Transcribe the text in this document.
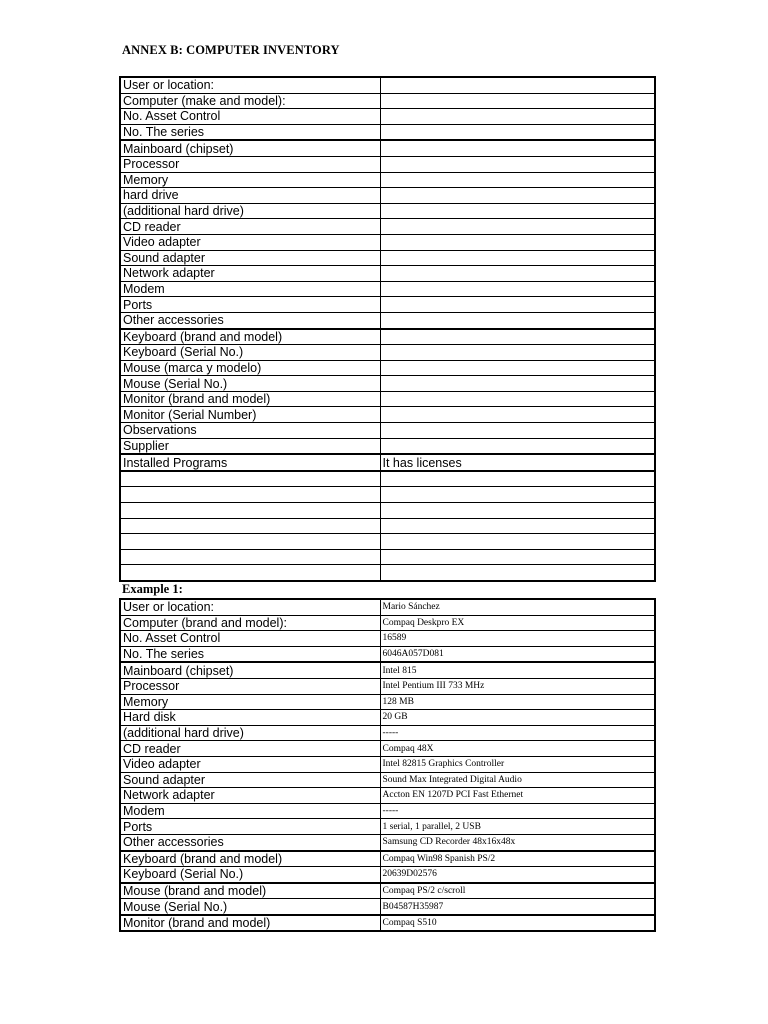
ANNEX B: COMPUTER INVENTORY
User or location:	
Computer (make and model):	
No. Asset Control	
No. The series	
Mainboard (chipset)	
Processor	
Memory	
hard drive	
(additional hard drive)	
CD reader	
Video adapter	
Sound adapter	
Network adapter	
Modem	
Ports	
Other accessories	
Keyboard (brand and model)	
Keyboard (Serial No.)	
Mouse (marca y modelo)	
Mouse (Serial No.)	
Monitor (brand and model)	
Monitor (Serial Number)	
Observations	
Supplier	
Installed Programs	It has licenses

Example 1:
User or location:	Mario Sánchez
Computer (brand and model):	Compaq Deskpro EX
No. Asset Control	16589
No. The series	6046A057D081
Mainboard (chipset)	Intel 815
Processor	Intel Pentium III 733 MHz
Memory	128 MB
Hard disk	20 GB
(additional hard drive)	-----
CD reader	Compaq 48X
Video adapter	Intel 82815 Graphics Controller
Sound adapter	Sound Max Integrated Digital Audio
Network adapter	Accton EN 1207D PCI Fast Ethernet
Modem	-----
Ports	1 serial, 1 parallel, 2 USB
Other accessories	Samsung CD Recorder 48x16x48x
Keyboard (brand and model)	Compaq Win98 Spanish PS/2
Keyboard (Serial No.)	20639D02576
Mouse (brand and model)	Compaq PS/2 c/scroll
Mouse (Serial No.)	B04587H35987
Monitor (brand and model)	Compaq S510
